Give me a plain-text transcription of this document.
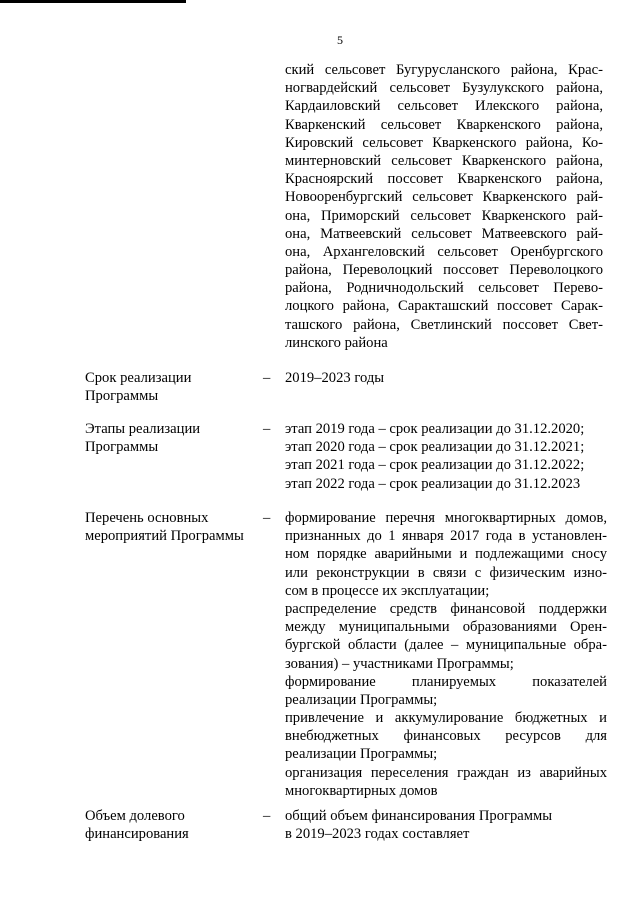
5
ский сельсовет Бугурусланского района, Крас-
ногвардейский сельсовет Бузулукского района,
Кардаиловский сельсовет Илекского района,
Кваркенский сельсовет Кваркенского района,
Кировский сельсовет Кваркенского района, Ко-
минтерновский сельсовет Кваркенского района,
Красноярский поссовет Кваркенского района,
Новооренбургский сельсовет Кваркенского рай-
она, Приморский сельсовет Кваркенского рай-
она, Матвеевский сельсовет Матвеевского рай-
она, Архангеловский сельсовет Оренбургского
района, Переволоцкий поссовет Переволоцкого
района, Родничнодольский сельсовет Перево-
лоцкого района, Саракташский поссовет Сарак-
ташского района, Светлинский поссовет Свет-
линского района
Срок реализации
Программы
– 2019–2023 годы
Этапы реализации
Программы
– этап 2019 года – срок реализации до 31.12.2020;
этап 2020 года – срок реализации до 31.12.2021;
этап 2021 года – срок реализации до 31.12.2022;
этап 2022 года – срок реализации до 31.12.2023
Перечень основных
мероприятий Программы
– формирование перечня многоквартирных домов,
признанных до 1 января 2017 года в установлен-
ном порядке аварийными и подлежащими сносу
или реконструкции в связи с физическим изно-
сом в процессе их эксплуатации;
распределение средств финансовой поддержки
между муниципальными образованиями Орен-
бургской области (далее – муниципальные обра-
зования) – участниками Программы;
формирование планируемых показателей
реализации Программы;
привлечение и аккумулирование бюджетных и
внебюджетных финансовых ресурсов для
реализации Программы;
организация переселения граждан из аварийных
многоквартирных домов
Объем долевого
финансирования
– общий объем финансирования Программы
в 2019–2023 годах составляет
